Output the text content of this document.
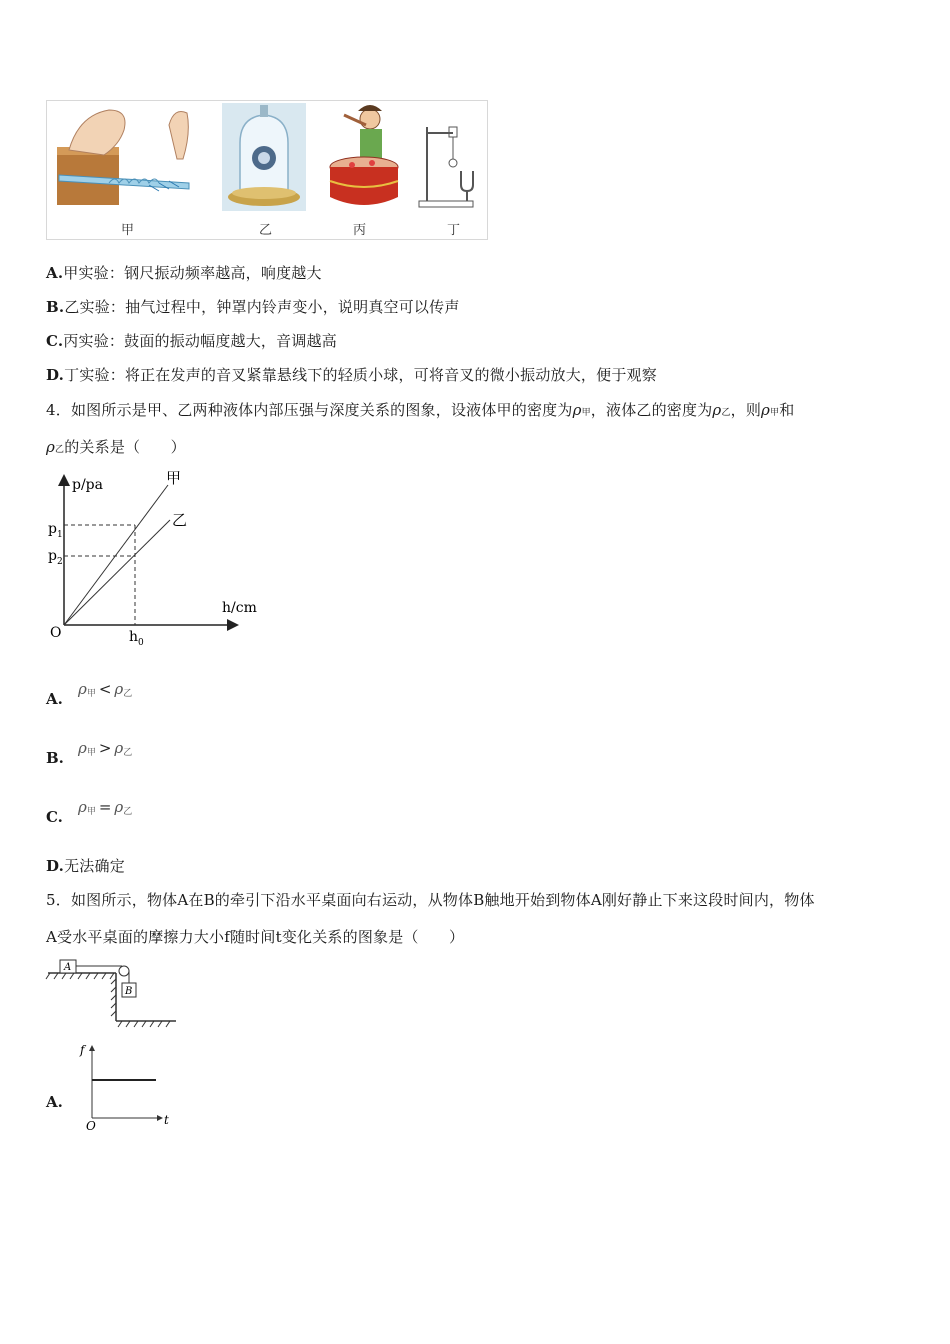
甲	乙	丙	丁
A.甲实验：钢尺振动频率越高，响度越大
B.乙实验：抽气过程中，钟罩内铃声变小，说明真空可以传声
C.丙实验：鼓面的振动幅度越大，音调越高
D.丁实验：将正在发声的音叉紧靠悬线下的轻质小球，可将音叉的微小振动放大，便于观察
4．如图所示是甲、乙两种液体内部压强与深度关系的图象，设液体甲的密度为ρ甲，液体乙的密度为ρ乙，则ρ甲和
ρ乙的关系是（　　）
p/pa
h/cm
O
$p_1$
$p_2$
$h_0$
甲
乙
A.
ρ甲 < ρ乙
B.
ρ甲 > ρ乙
C.
ρ甲 = ρ乙
D.无法确定
5．如图所示，物体A在B的牵引下沿水平桌面向右运动，从物体B触地开始到物体A刚好静止下来这段时间内，物体
A受水平桌面的摩擦力大小f随时间t变化关系的图象是（　　）
A
B
A.
f
t
O
